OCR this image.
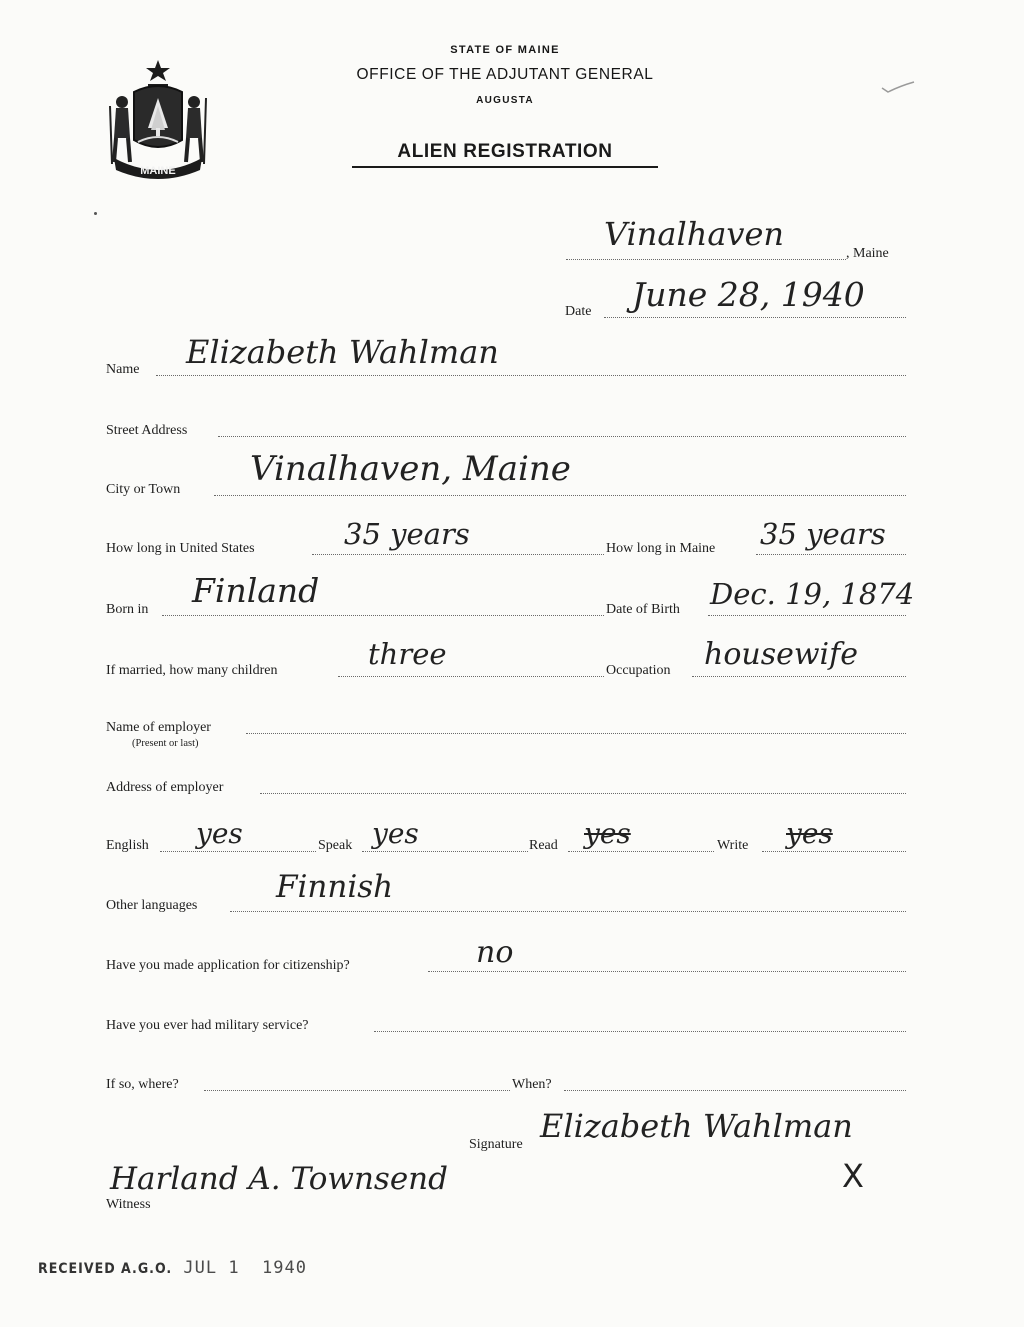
MAINE
STATE OF MAINE
OFFICE OF THE ADJUTANT GENERAL
AUGUSTA
ALIEN REGISTRATION
Vinalhaven
, Maine
Date June 28, 1940
Name Elizabeth Wahlman
Street Address
City or Town
Vinalhaven, Maine
How long in United States	35 years	How long in Maine 35 years
Born in Finland	Date of Birth Dec. 19, 1874
If married, how many children	three	Occupation housewife
Name of employer
(Present or last)
Address of employer
English yes	Speak yes	Read yes	Write yes
Other languages
Finnish
Have you made application for citizenship?	no
Have you ever had military service?
If so, where?	When?
Signature Elizabeth Wahlman
X
Witness
Harland A. Townsend
RECEIVED A.G.O. JUL 1  1940
